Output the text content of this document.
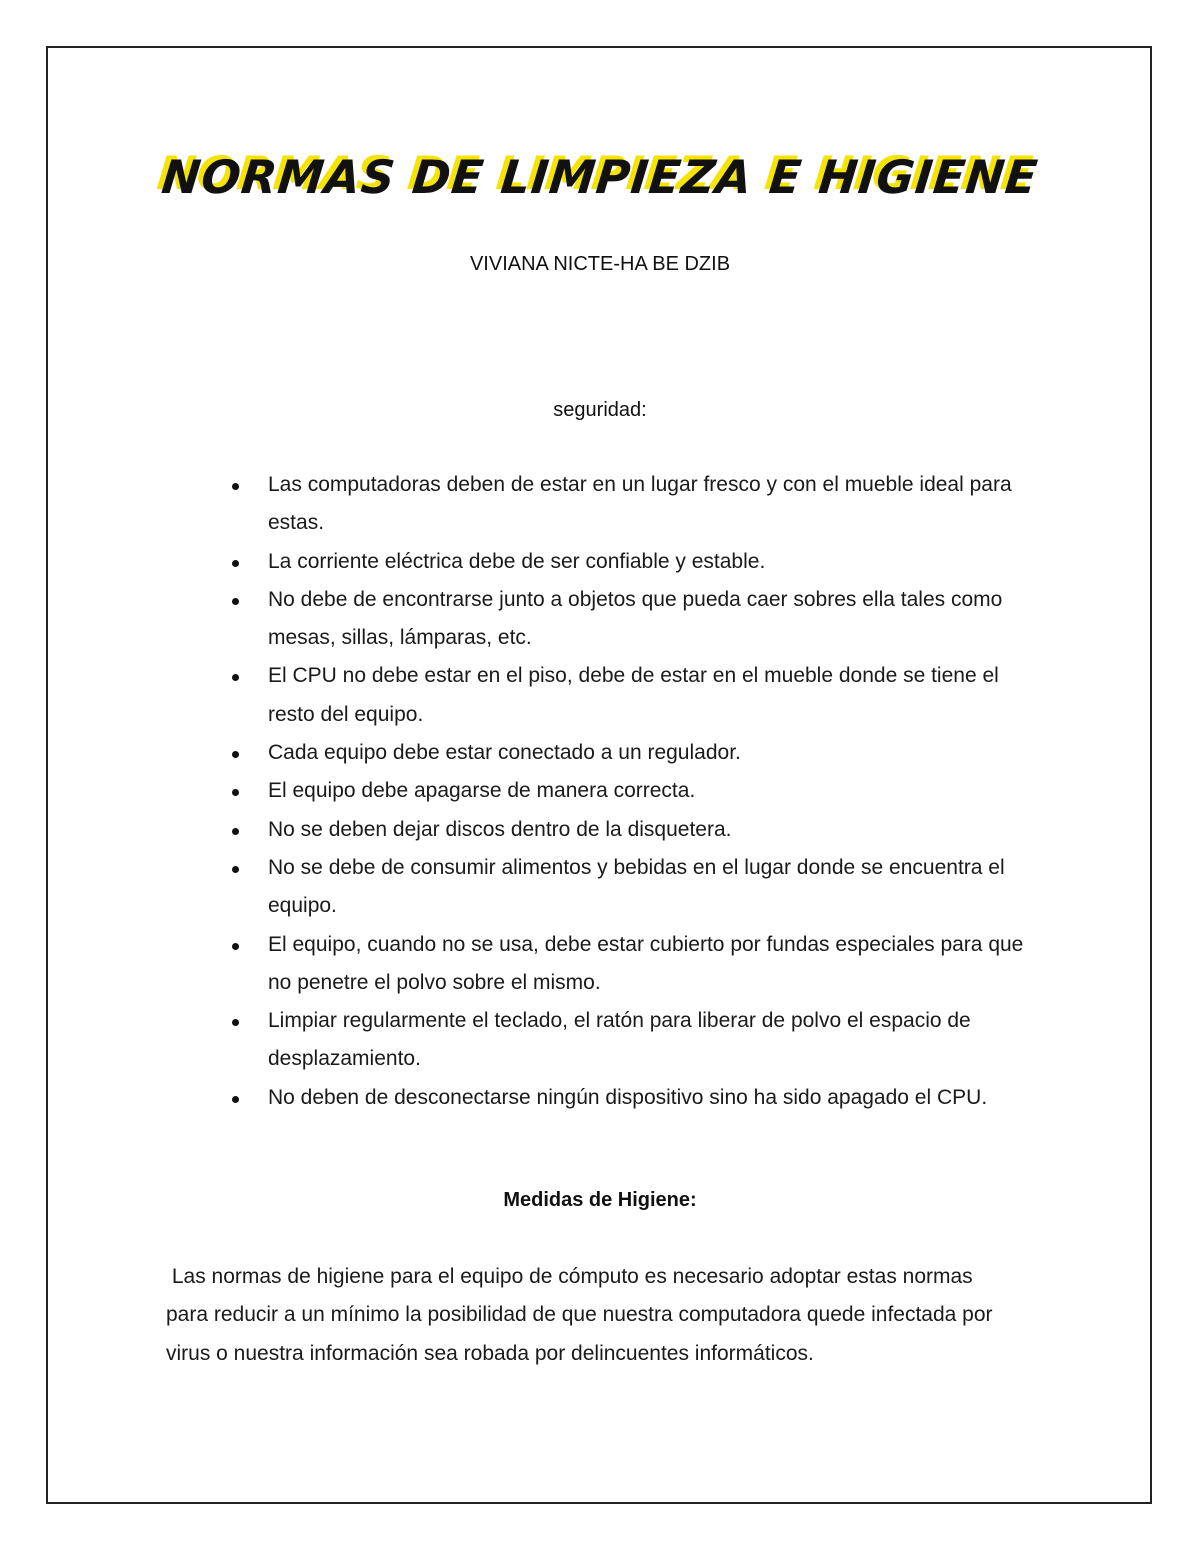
NORMAS DE LIMPIEZA E HIGIENE
VIVIANA NICTE-HA BE DZIB
seguridad:
Las computadoras deben de estar en un lugar fresco y con el mueble ideal para estas.
La corriente eléctrica debe de ser confiable y estable.
No debe de encontrarse junto a objetos que pueda caer sobres ella tales como mesas, sillas, lámparas, etc.
El CPU no debe estar en el piso, debe de estar en el mueble donde se tiene el resto del equipo.
Cada equipo debe estar conectado a un regulador.
El equipo debe apagarse de manera correcta.
No se deben dejar discos dentro de la disquetera.
No se debe de consumir alimentos y bebidas en el lugar donde se encuentra el equipo.
El equipo, cuando no se usa, debe estar cubierto por fundas especiales para que no penetre el polvo sobre el mismo.
Limpiar regularmente el teclado, el ratón para liberar de polvo el espacio de desplazamiento.
No deben de desconectarse ningún dispositivo sino ha sido apagado el CPU.
Medidas de Higiene:
Las normas de higiene para el equipo de cómputo es necesario adoptar estas normas para reducir a un mínimo la posibilidad de que nuestra computadora quede infectada por virus o nuestra información sea robada por delincuentes informáticos.
